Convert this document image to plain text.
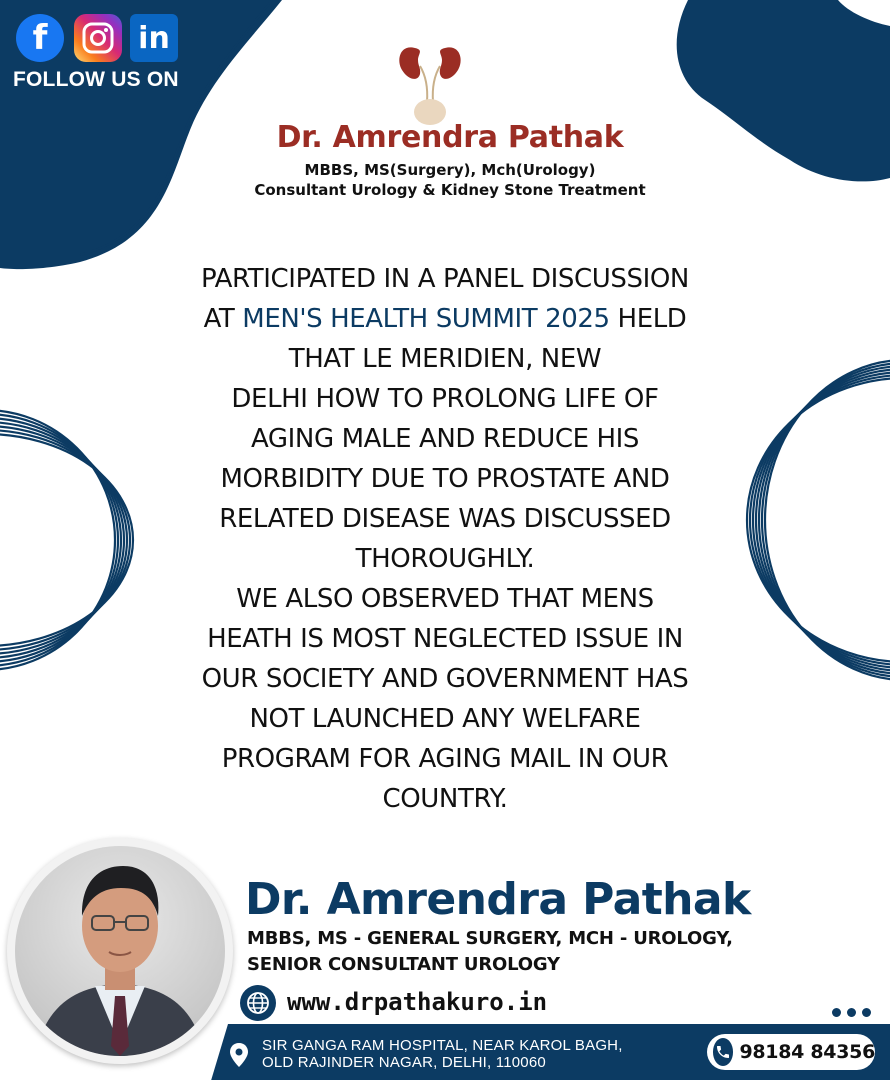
f	in
FOLLOW US ON
Dr. Amrendra Pathak
MBBS, MS(Surgery), Mch(Urology)
Consultant Urology & Kidney Stone Treatment
PARTICIPATED IN A PANEL DISCUSSION
AT MEN'S HEALTH SUMMIT 2025 HELD
THAT LE MERIDIEN, NEW
DELHI HOW TO PROLONG LIFE OF
AGING MALE AND REDUCE HIS
MORBIDITY DUE TO PROSTATE AND
RELATED DISEASE WAS DISCUSSED
THOROUGHLY.
WE ALSO OBSERVED THAT MENS
HEATH IS MOST NEGLECTED ISSUE IN
OUR SOCIETY AND GOVERNMENT HAS
NOT LAUNCHED ANY WELFARE
PROGRAM FOR AGING MAIL IN OUR
COUNTRY.
Dr. Amrendra Pathak
MBBS, MS - GENERAL SURGERY, MCH - UROLOGY,
SENIOR CONSULTANT UROLOGY
www.drpathakuro.in
SIR GANGA RAM HOSPITAL, NEAR KAROL BAGH,
OLD RAJINDER NAGAR, DELHI, 110060	98184 84356
